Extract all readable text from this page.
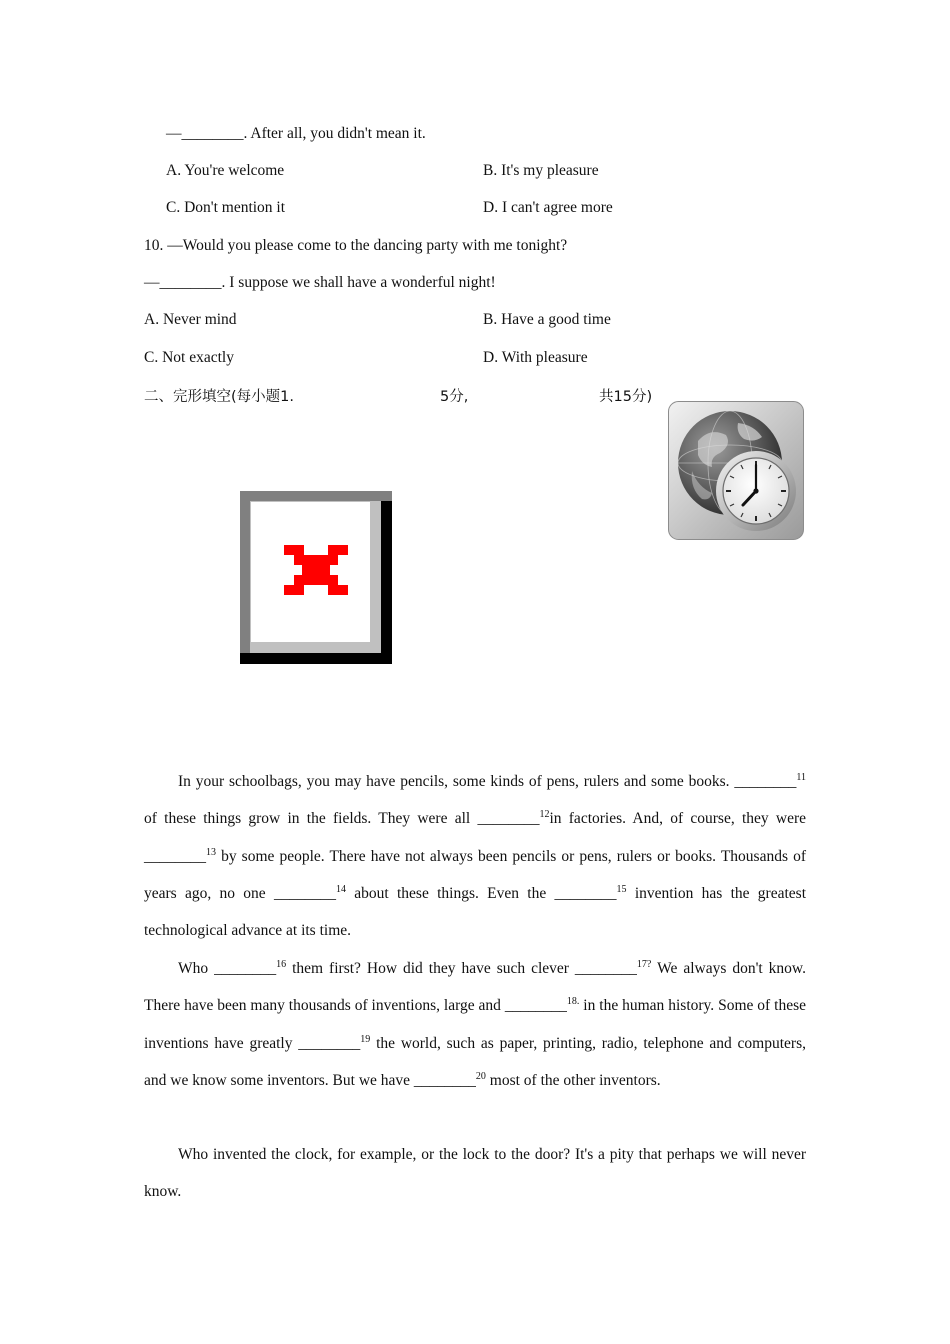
—________. After all, you didn't mean it.
A. You're welcome	B. It's my pleasure
C. Don't mention it	D. I can't agree more
10. —Would you please come to the dancing party with me tonight?
—________. I suppose we shall have a wonderful night!
A. Never mind	B. Have a good time
C. Not exactly	D. With pleasure
二、完形填空(每小题1.	5分,	共15分)
In your schoolbags, you may have pencils, some kinds of pens, rulers and some books. ________$^{11}$ of these things grow in the fields. They were all ________$^{12}$in factories. And, of course, they were ________$^{13}$ by some people. There have not always been pencils or pens, rulers or books. Thousands of years ago, no one ________$^{14}$ about these things. Even the ________$^{15}$ invention has the greatest technological advance at its time.
Who ________$^{16}$ them first? How did they have such clever ________$^{17?}$ We always don't know. There have been many thousands of inventions, large and ________$^{18.}$ in the human history. Some of these inventions have greatly ________$^{19}$ the world, such as paper, printing, radio, telephone and computers, and we know some inventors. But we have ________$^{20}$ most of the other inventors.
Who invented the clock, for example, or the lock to the door? It's a pity that perhaps we will never know.
